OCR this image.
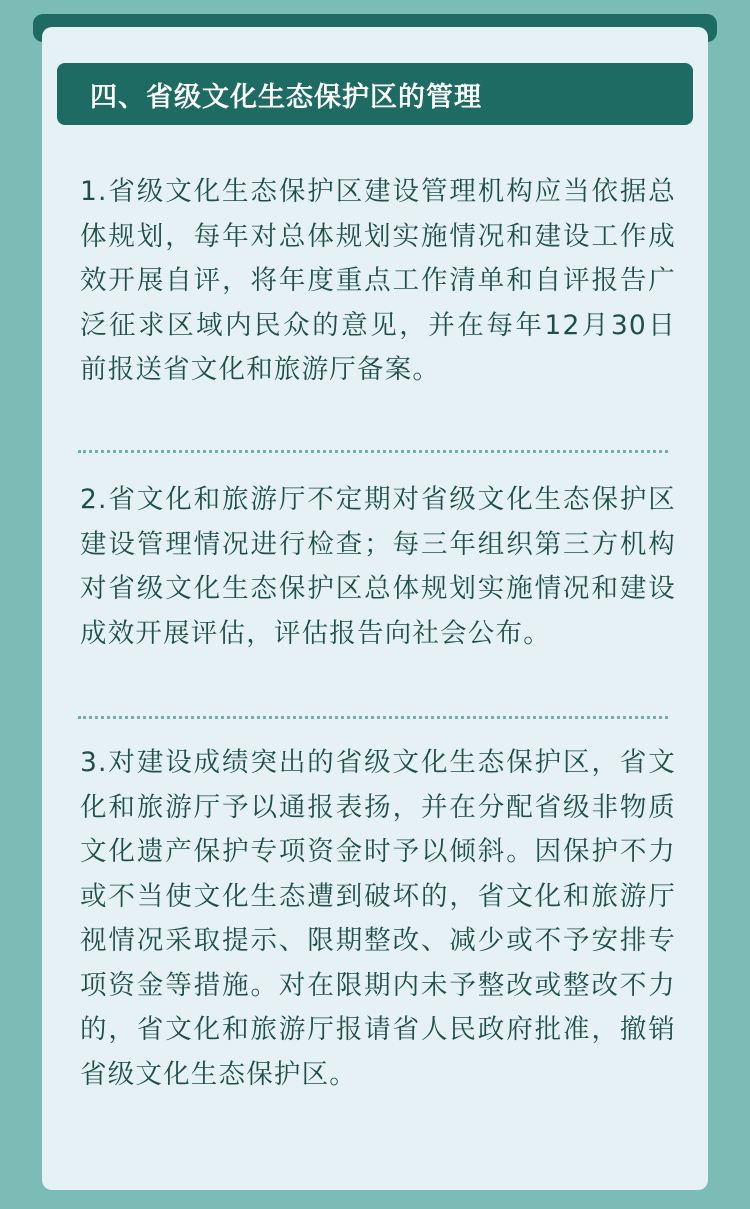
四、省级文化生态保护区的管理

1.省级文化生态保护区建设管理机构应当依据总体规划，每年对总体规划实施情况和建设工作成效开展自评，将年度重点工作清单和自评报告广泛征求区域内民众的意见，并在每年12月30日前报送省文化和旅游厅备案。

2.省文化和旅游厅不定期对省级文化生态保护区建设管理情况进行检查；每三年组织第三方机构对省级文化生态保护区总体规划实施情况和建设成效开展评估，评估报告向社会公布。

3.对建设成绩突出的省级文化生态保护区，省文化和旅游厅予以通报表扬，并在分配省级非物质文化遗产保护专项资金时予以倾斜。因保护不力或不当使文化生态遭到破坏的，省文化和旅游厅视情况采取提示、限期整改、减少或不予安排专项资金等措施。对在限期内未予整改或整改不力的，省文化和旅游厅报请省人民政府批准，撤销省级文化生态保护区。
